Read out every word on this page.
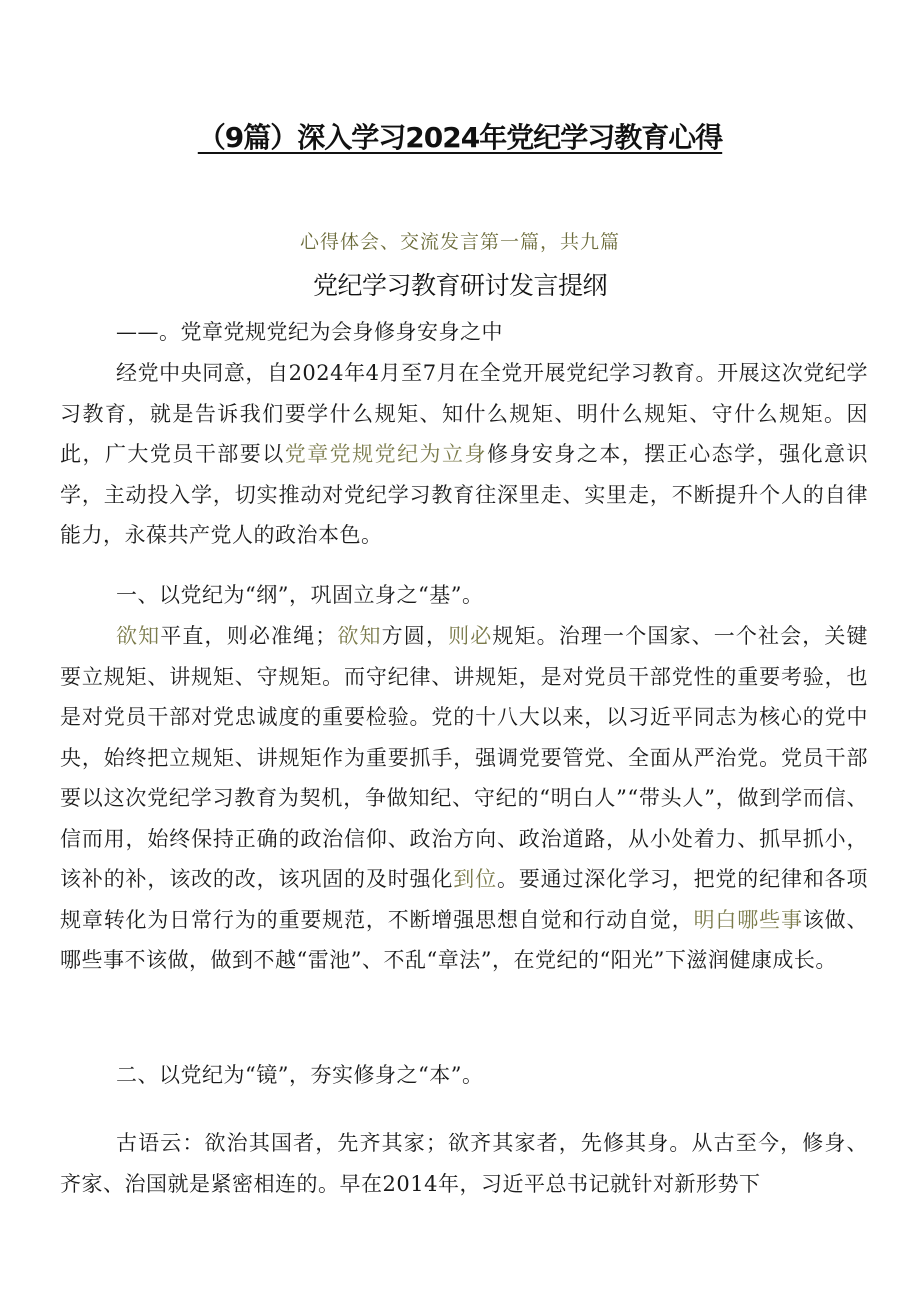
（9篇）深入学习2024年党纪学习教育心得
心得体会、交流发言第一篇，共九篇
党纪学习教育研讨发言提纲
——。党章党规党纪为会身修身安身之中

经党中央同意，自2024年4月至7月在全党开展党纪学习教育。开展这次党纪学习教育，就是告诉我们要学什么规矩、知什么规矩、明什么规矩、守什么规矩。因此，广大党员干部要以党章党规党纪为立身修身安身之本，摆正心态学，强化意识学，主动投入学，切实推动对党纪学习教育往深里走、实里走，不断提升个人的自律能力，永葆共产党人的政治本色。

一、以党纪为“纲”，巩固立身之“基”。

欲知平直，则必准绳；欲知方圆，则必规矩。治理一个国家、一个社会，关键要立规矩、讲规矩、守规矩。而守纪律、讲规矩，是对党员干部党性的重要考验，也是对党员干部对党忠诚度的重要检验。党的十八大以来，以习近平同志为核心的党中央，始终把立规矩、讲规矩作为重要抓手，强调党要管党、全面从严治党。党员干部要以这次党纪学习教育为契机，争做知纪、守纪的“明白人”“带头人”，做到学而信、信而用，始终保持正确的政治信仰、政治方向、政治道路，从小处着力、抓早抓小，该补的补，该改的改，该巩固的及时强化到位。要通过深化学习，把党的纪律和各项规章转化为日常行为的重要规范，不断增强思想自觉和行动自觉，明白哪些事该做、哪些事不该做，做到不越“雷池”、不乱“章法”，在党纪的“阳光”下滋润健康成长。

二、以党纪为“镜”，夯实修身之“本”。

古语云：欲治其国者，先齐其家；欲齐其家者，先修其身。从古至今，修身、齐家、治国就是紧密相连的。早在2014年，习近平总书记就针对新形势下
